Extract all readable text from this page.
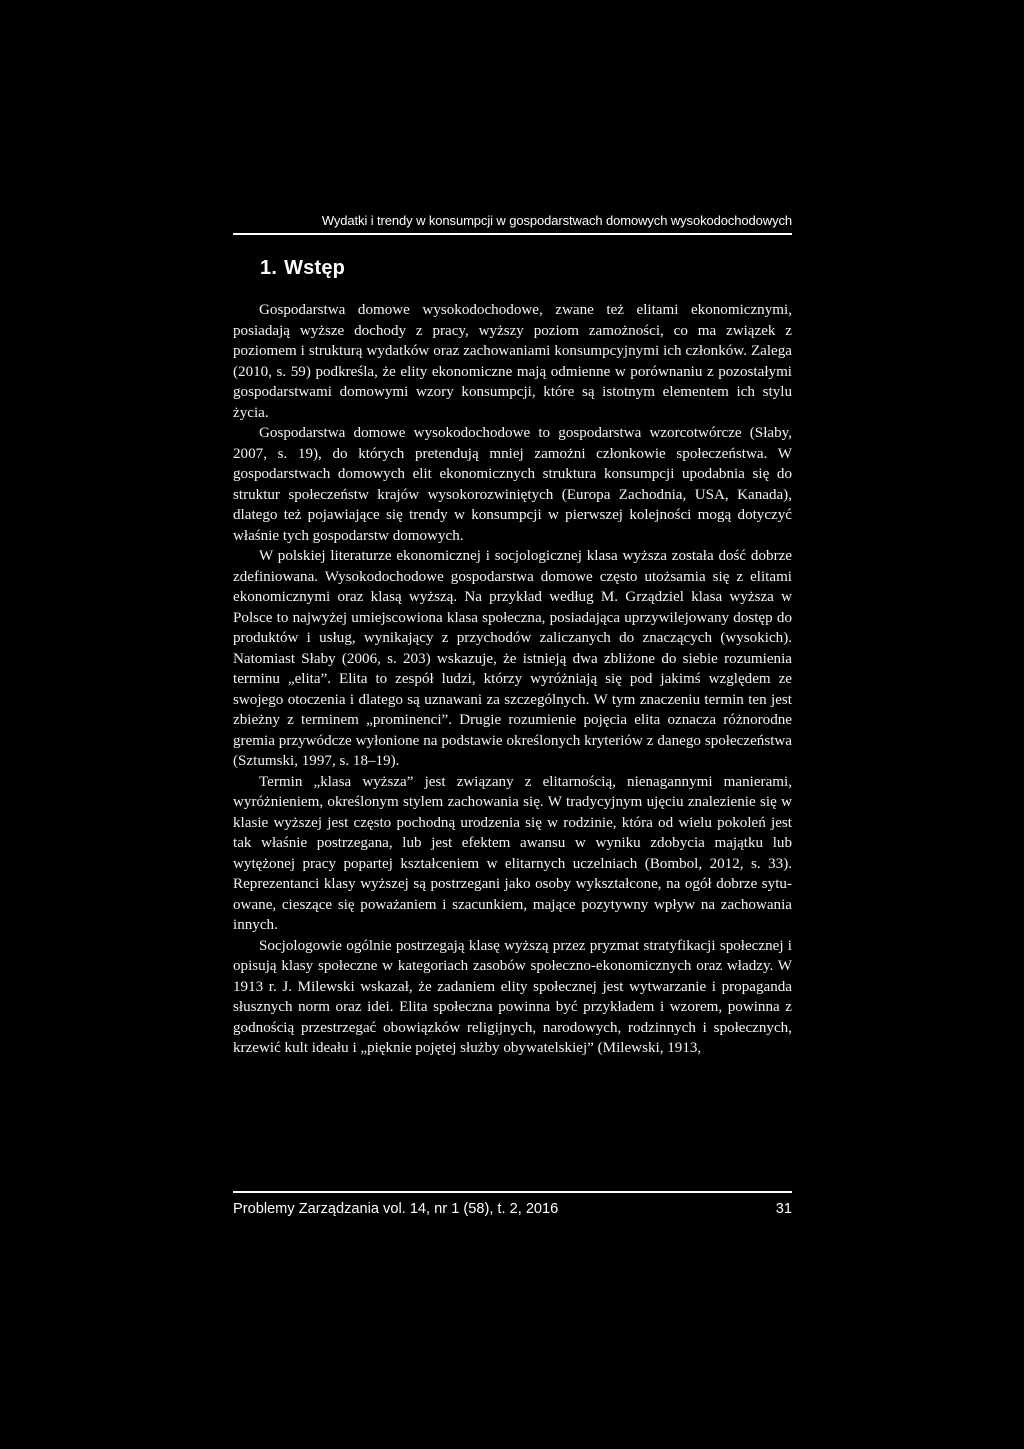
Wydatki i trendy w konsumpcji w gospodarstwach domowych wysokodochodowych
1. Wstęp

Gospodarstwa domowe wysokodochodowe, zwane też elitami ekonomicznymi, posiadają wyższe dochody z pracy, wyższy poziom zamożności, co ma związek z poziomem i strukturą wydatków oraz zachowaniami konsumpcyjnymi ich członków. Zalega (2010, s. 59) podkreśla, że elity ekonomiczne mają odmienne w porównaniu z pozostałymi gospodarstwami domowymi wzory konsumpcji, które są istotnym elementem ich stylu życia.

Gospodarstwa domowe wysokodochodowe to gospodarstwa wzorcotwórcze (Słaby, 2007, s. 19), do których pretendują mniej zamożni członkowie społeczeństwa. W gospodarstwach domowych elit ekonomicznych struktura konsumpcji upodabnia się do struktur społeczeństw krajów wysokorozwiniętych (Europa Zachodnia, USA, Kanada), dlatego też pojawiające się trendy w konsumpcji w pierwszej kolejności mogą dotyczyć właśnie tych gospodarstw domowych.

W polskiej literaturze ekonomicznej i socjologicznej klasa wyższa została dość dobrze zdefiniowana. Wysokodochodowe gospodarstwa domowe często utożsamia się z elitami ekonomicznymi oraz klasą wyższą. Na przykład według M. Grządziel klasa wyższa w Polsce to najwyżej umiejscowiona klasa społeczna, posiadająca uprzywilejowany dostęp do produktów i usług, wynikający z przychodów zaliczanych do znaczących (wysokich). Natomiast Słaby (2006, s. 203) wskazuje, że istnieją dwa zbliżone do siebie rozumienia terminu „elita”. Elita to zespół ludzi, którzy wyróżniają się pod jakimś względem ze swojego otoczenia i dlatego są uznawani za szczególnych. W tym znaczeniu termin ten jest zbieżny z terminem „prominenci”. Drugie rozumienie pojęcia elita oznacza różnorodne gremia przywódcze wyłonione na podstawie określonych kryteriów z danego społeczeństwa (Sztumski, 1997, s. 18–19).

Termin „klasa wyższa” jest związany z elitarnością, nienagannymi manierami, wyróżnieniem, określonym stylem zachowania się. W tradycyjnym ujęciu znalezienie się w klasie wyższej jest często pochodną urodzenia się w rodzinie, która od wielu pokoleń jest tak właśnie postrzegana, lub jest efektem awansu w wyniku zdobycia majątku lub wytężonej pracy popartej kształceniem w elitarnych uczelniach (Bombol, 2012, s. 33). Reprezentanci klasy wyższej są postrzegani jako osoby wykształcone, na ogół dobrze sytuowane, cieszące się poważaniem i szacunkiem, mające pozytywny wpływ na zachowania innych.

Socjologowie ogólnie postrzegają klasę wyższą przez pryzmat stratyfikacji społecznej i opisują klasy społeczne w kategoriach zasobów społeczno-ekonomicznych oraz władzy. W 1913 r. J. Milewski wskazał, że zadaniem elity społecznej jest wytwarzanie i propaganda słusznych norm oraz idei. Elita społeczna powinna być przykładem i wzorem, powinna z godnością przestrzegać obowiązków religijnych, narodowych, rodzinnych i społecznych, krzewić kult ideału i „pięknie pojętej służby obywatelskiej” (Milewski, 1913,

Problemy Zarządzania vol. 14, nr 1 (58), t. 2, 2016	31
